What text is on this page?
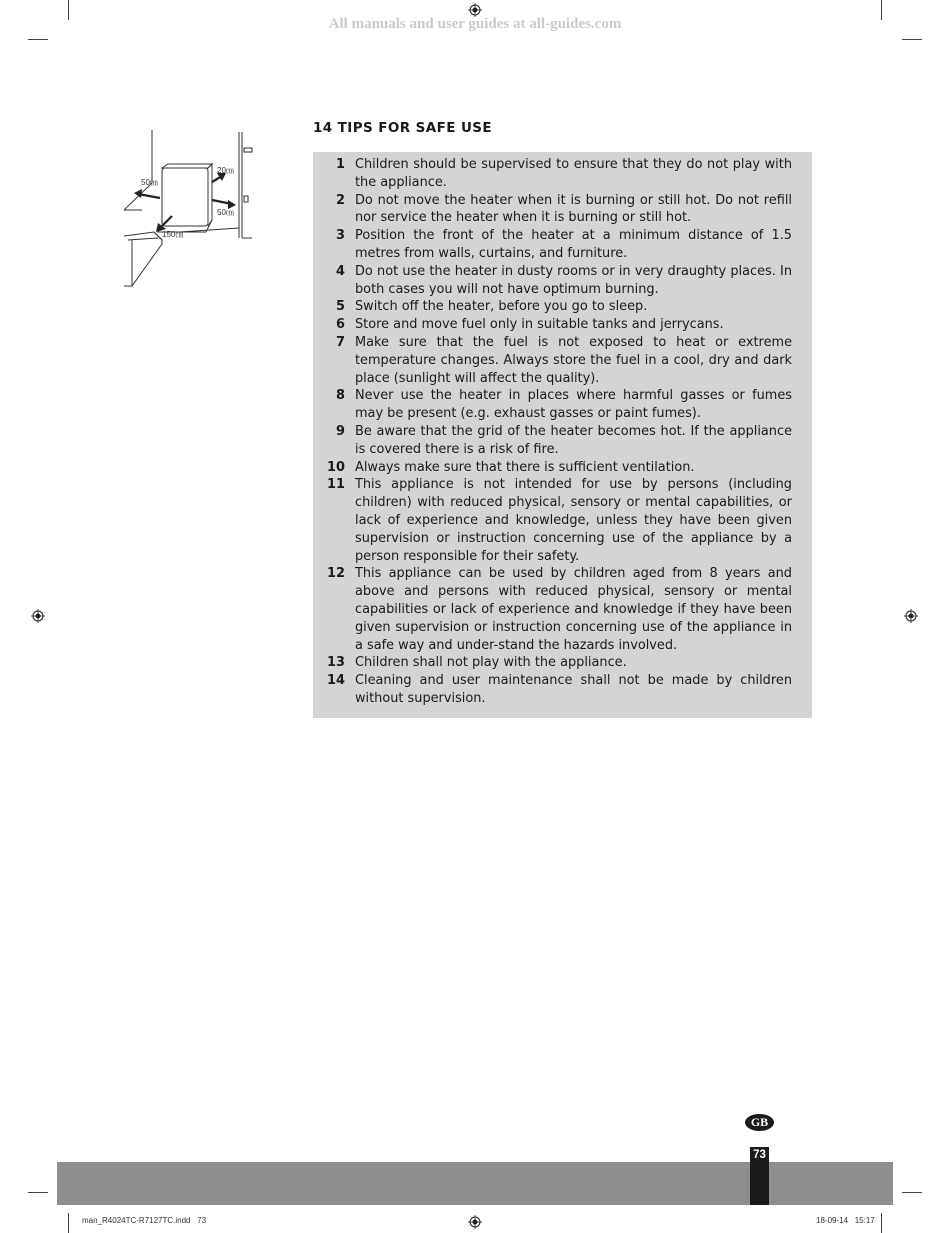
All manuals and user guides at all-guides.com
20㎝
50㎝
50㎝
150㎝
14 TIPS FOR SAFE USE
1 Children should be supervised to ensure that they do not play with the appliance.
2 Do not move the heater when it is burning or still hot. Do not refill nor service the heater when it is burning or still hot.
3 Position the front of the heater at a minimum distance of 1.5 metres from walls, curtains, and furniture.
4 Do not use the heater in dusty rooms or in very draughty places. In both cases you will not have optimum burning.
5 Switch off the heater, before you go to sleep.
6 Store and move fuel only in suitable tanks and jerrycans.
7 Make sure that the fuel is not exposed to heat or extreme temperature changes. Always store the fuel in a cool, dry and dark place (sunlight will affect the quality).
8 Never use the heater in places where harmful gasses or fumes may be present (e.g. exhaust gasses or paint fumes).
9 Be aware that the grid of the heater becomes hot. If the appliance is covered there is a risk of fire.
10 Always make sure that there is sufficient ventilation.
11 This appliance is not intended for use by persons (including children) with reduced physical, sensory or mental capabilities, or lack of experience and knowledge, unless they have been given supervision or instruction concerning use of the appliance by a person responsible for their safety.
12 This appliance can be used by children aged from 8 years and above and persons with reduced physical, sensory or mental capabilities or lack of experience and knowledge if they have been given supervision or instruction concerning use of the appliance in a safe way and under-stand the hazards involved.
13 Children shall not play with the appliance.
14 Cleaning and user maintenance shall not be made by children without supervision.
GB
73
man_R4024TC-R7127TC.indd   73	18-09-14   15:17
